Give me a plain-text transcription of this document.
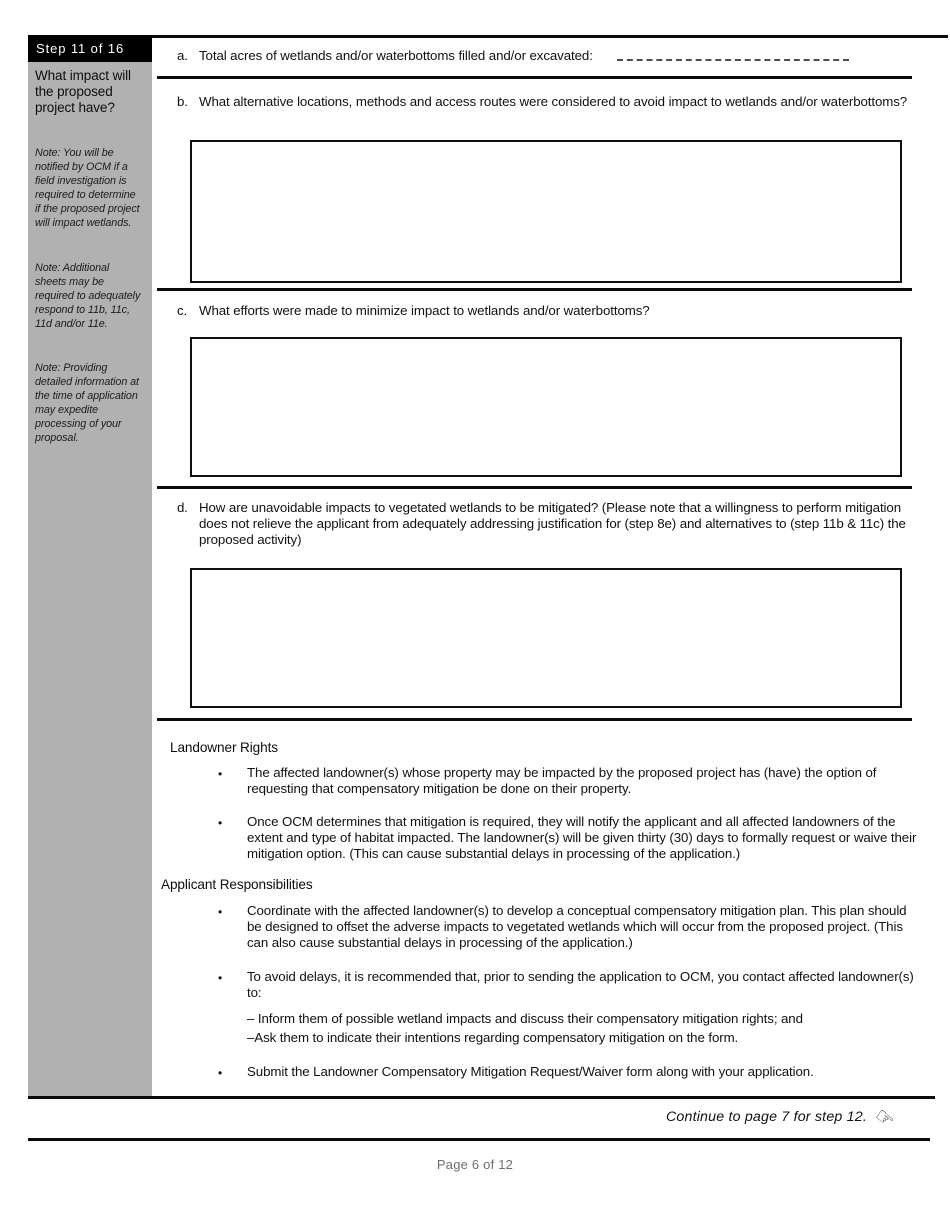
Step 11 of 16
What impact will the proposed project have?
Note: You will be notified by OCM if a field investigation is required to determine if the proposed project will impact wetlands.
Note: Additional sheets may be required to adequately respond to 11b, 11c, 11d and/or 11e.
Note: Providing detailed information at the time of application may expedite processing of your proposal.
a. Total acres of wetlands and/or waterbottoms filled and/or excavated:
b. What alternative locations, methods and access routes were considered to avoid impact to wetlands and/or waterbottoms?
c. What efforts were made to minimize impact to wetlands and/or waterbottoms?
d. How are unavoidable impacts to vegetated wetlands to be mitigated? (Please note that a willingness to perform mitigation does not relieve the applicant from adequately addressing justification for (step 8e) and alternatives to (step 11b & 11c) the proposed activity)
Landowner Rights
•	The affected landowner(s) whose property may be impacted by the proposed project has (have) the option of requesting that compensatory mitigation be done on their property.
•	Once OCM determines that mitigation is required, they will notify the applicant and all affected landowners of the extent and type of habitat impacted. The landowner(s) will be given thirty (30) days to formally request or waive their mitigation option. (This can cause substantial delays in processing of the application.)
Applicant Responsibilities
•	Coordinate with the affected landowner(s) to develop a conceptual compensatory mitigation plan. This plan should be designed to offset the adverse impacts to vegetated wetlands which will occur from the proposed project. (This can also cause substantial delays in processing of the application.)
•	To avoid delays, it is recommended that, prior to sending the application to OCM, you contact affected landowner(s) to:
– Inform them of possible wetland impacts and discuss their compensatory mitigation rights; and
–Ask them to indicate their intentions regarding compensatory mitigation on the form.
•	Submit the Landowner Compensatory Mitigation Request/Waiver form along with your application.
Continue to page 7 for step 12. ☞
Page 6 of 12
